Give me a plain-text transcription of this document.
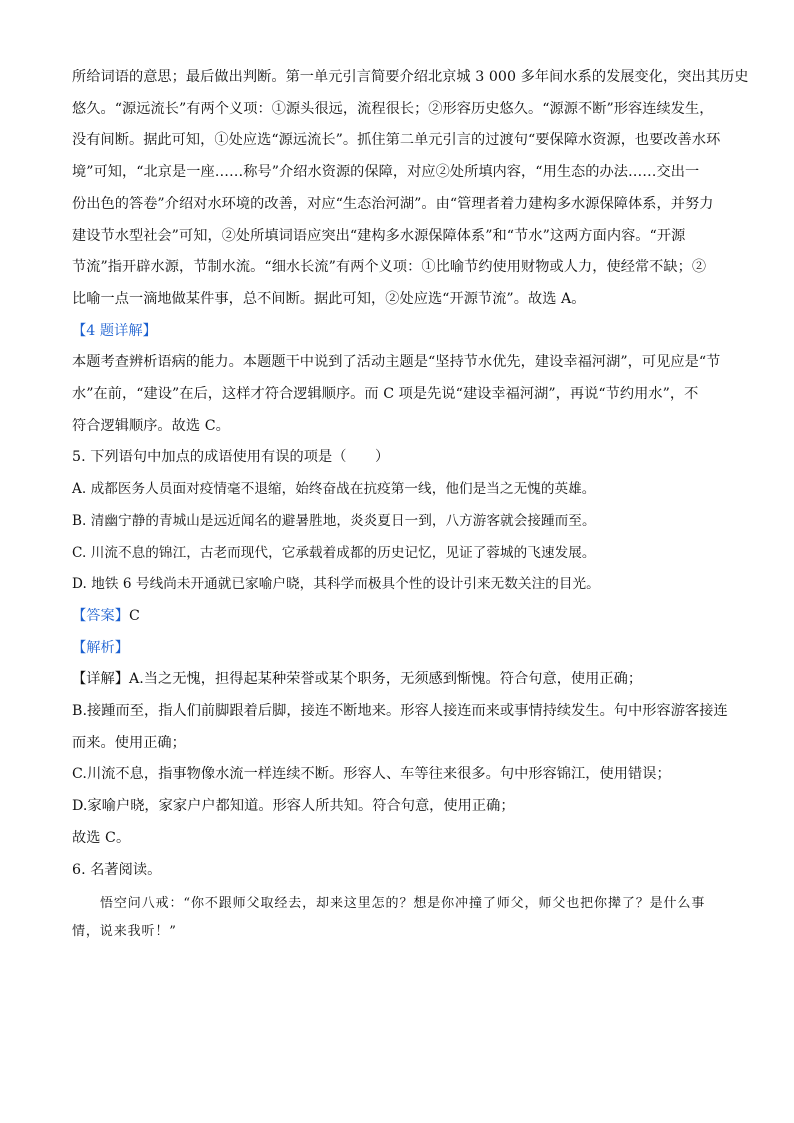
所给词语的意思；最后做出判断。第一单元引言简要介绍北京城 3 000 多年间水系的发展变化，突出其历史
悠久。“源远流长”有两个义项：①源头很远，流程很长；②形容历史悠久。“源源不断”形容连续发生，
没有间断。据此可知，①处应选“源远流长”。抓住第二单元引言的过渡句“要保障水资源，也要改善水环
境”可知，“北京是一座……称号”介绍水资源的保障，对应②处所填内容，“用生态的办法……交出一
份出色的答卷”介绍对水环境的改善，对应“生态治河湖”。由“管理者着力建构多水源保障体系，并努力
建设节水型社会”可知，②处所填词语应突出“建构多水源保障体系”和“节水”这两方面内容。“开源
节流”指开辟水源，节制水流。“细水长流”有两个义项：①比喻节约使用财物或人力，使经常不缺；②
比喻一点一滴地做某件事，总不间断。据此可知，②处应选“开源节流”。故选 A。
【4 题详解】
本题考查辨析语病的能力。本题题干中说到了活动主题是“坚持节水优先，建设幸福河湖”，可见应是“节
水”在前，“建设”在后，这样才符合逻辑顺序。而 C 项是先说“建设幸福河湖”，再说“节约用水”，不
符合逻辑顺序。故选 C。
5. 下列语句中加点的成语使用有误的项是（　　）
A. 成都医务人员面对疫情毫不退缩，始终奋战在抗疫第一线，他们是当之无愧的英雄。
B. 清幽宁静的青城山是远近闻名的避暑胜地，炎炎夏日一到，八方游客就会接踵而至。
C. 川流不息的锦江，古老而现代，它承载着成都的历史记忆，见证了蓉城的飞速发展。
D. 地铁 6 号线尚未开通就已家喻户晓，其科学而极具个性的设计引来无数关注的目光。
【答案】C
【解析】
【详解】A.当之无愧，担得起某种荣誉或某个职务，无须感到惭愧。符合句意，使用正确；
B.接踵而至，指人们前脚跟着后脚，接连不断地来。形容人接连而来或事情持续发生。句中形容游客接连
而来。使用正确；
C.川流不息，指事物像水流一样连续不断。形容人、车等往来很多。句中形容锦江，使用错误；
D.家喻户晓，家家户户都知道。形容人所共知。符合句意，使用正确；
故选 C。
6. 名著阅读。
悟空问八戒：“你不跟师父取经去，却来这里怎的？想是你冲撞了师父，师父也把你撵了？是什么事
情，说来我听！”
